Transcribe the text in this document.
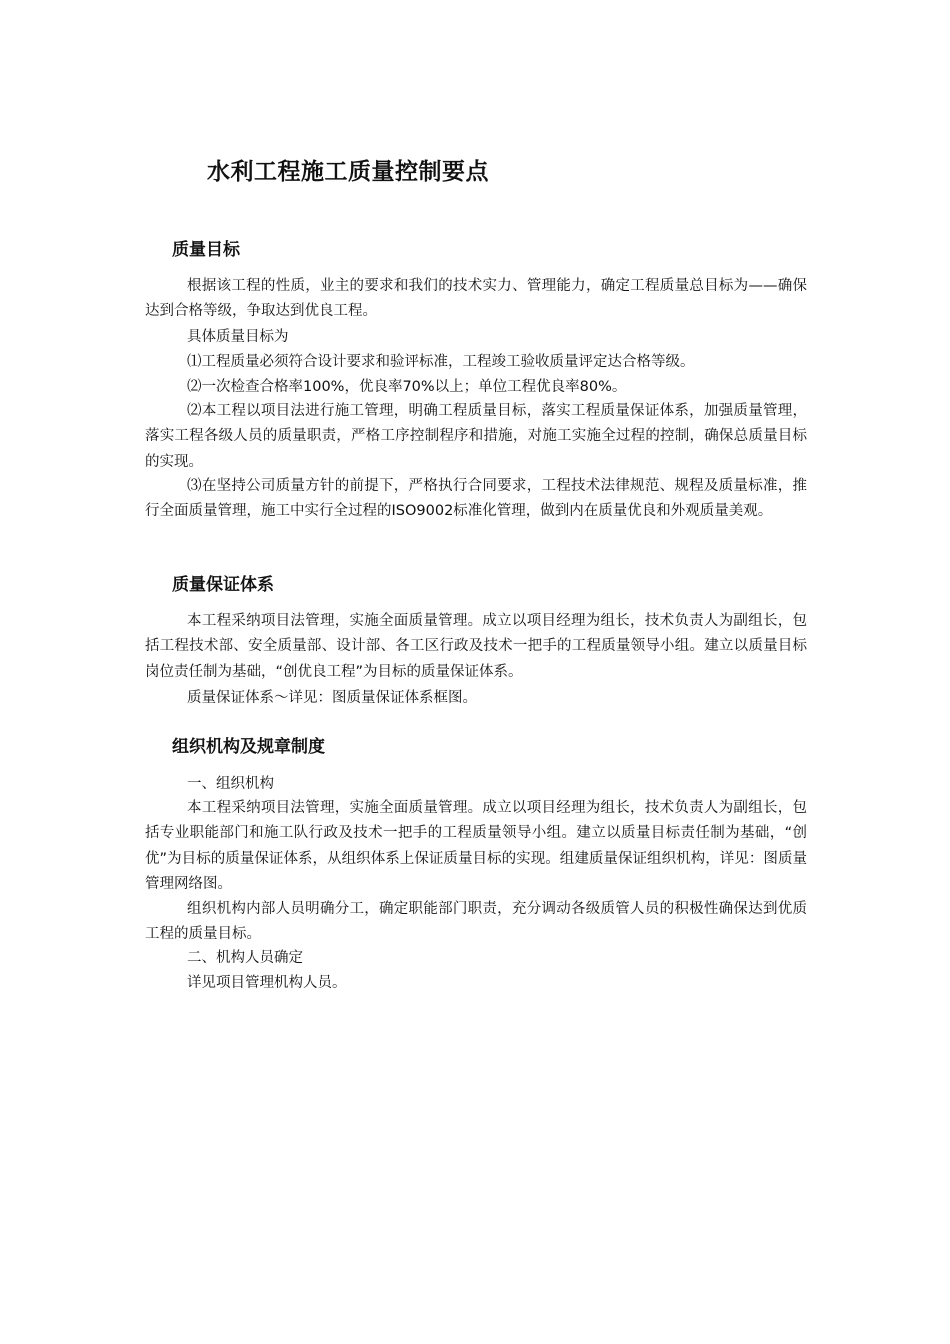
水利工程施工质量控制要点
质量目标

根据该工程的性质，业主的要求和我们的技术实力、管理能力，确定工程质量总目标为——确保达到合格等级，争取达到优良工程。

具体质量目标为

⑴工程质量必须符合设计要求和验评标准，工程竣工验收质量评定达合格等级。

⑵一次检查合格率100%，优良率70%以上；单位工程优良率80%。

⑵本工程以项目法进行施工管理，明确工程质量目标，落实工程质量保证体系，加强质量管理，落实工程各级人员的质量职责，严格工序控制程序和措施，对施工实施全过程的控制，确保总质量目标的实现。

⑶在坚持公司质量方针的前提下，严格执行合同要求，工程技术法律规范、规程及质量标准，推行全面质量管理，施工中实行全过程的ISO9002标准化管理，做到内在质量优良和外观质量美观。

质量保证体系

本工程采纳项目法管理，实施全面质量管理。成立以项目经理为组长，技术负责人为副组长，包括工程技术部、安全质量部、设计部、各工区行政及技术一把手的工程质量领导小组。建立以质量目标岗位责任制为基础，“创优良工程”为目标的质量保证体系。

质量保证体系～详见：图质量保证体系框图。

组织机构及规章制度

一、组织机构

本工程采纳项目法管理，实施全面质量管理。成立以项目经理为组长，技术负责人为副组长，包括专业职能部门和施工队行政及技术一把手的工程质量领导小组。建立以质量目标责任制为基础，“创优”为目标的质量保证体系，从组织体系上保证质量目标的实现。组建质量保证组织机构，详见：图质量管理网络图。

组织机构内部人员明确分工，确定职能部门职责，充分调动各级质管人员的积极性确保达到优质工程的质量目标。

二、机构人员确定

详见项目管理机构人员。
